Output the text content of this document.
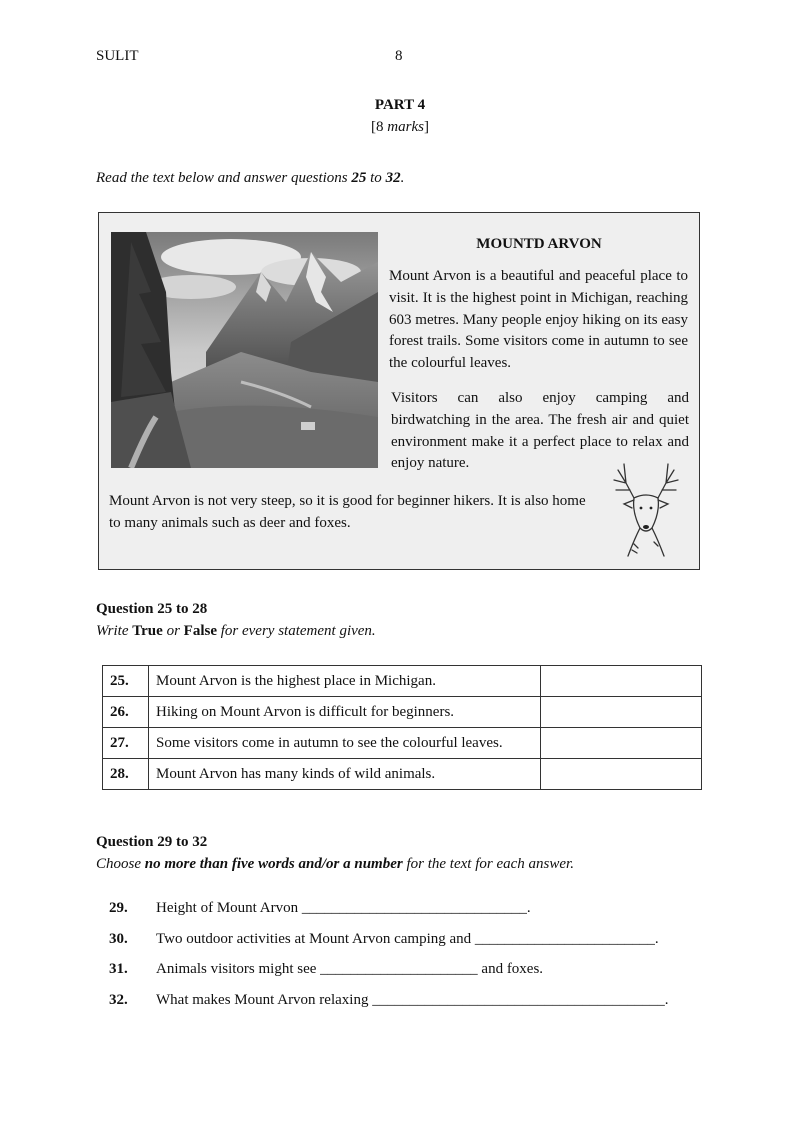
SULIT	8
PART 4
[8 marks]
Read the text below and answer questions 25 to 32.
MOUNTD ARVON
Mount Arvon is a beautiful and peaceful place to visit. It is the highest point in Michigan, reaching 603 metres. Many people enjoy hiking on its easy forest trails. Some visitors come in autumn to see the colourful leaves.
Visitors can also enjoy camping and birdwatching in the area. The fresh air and quiet environment make it a perfect place to relax and enjoy nature.
Mount Arvon is not very steep, so it is good for beginner hikers. It is also home to many animals such as deer and foxes.
Question 25 to 28
Write True or False for every statement given.
25.	Mount Arvon is the highest place in Michigan.	
26.	Hiking on Mount Arvon is difficult for beginners.	
27.	Some visitors come in autumn to see the colourful leaves.	
28.	Mount Arvon has many kinds of wild animals.	
Question 29 to 32
Choose no more than five words and/or a number for the text for each answer.
29. Height of Mount Arvon ______________________________.
30. Two outdoor activities at Mount Arvon camping and ________________________.
31. Animals visitors might see _____________________ and foxes.
32. What makes Mount Arvon relaxing _______________________________________.
